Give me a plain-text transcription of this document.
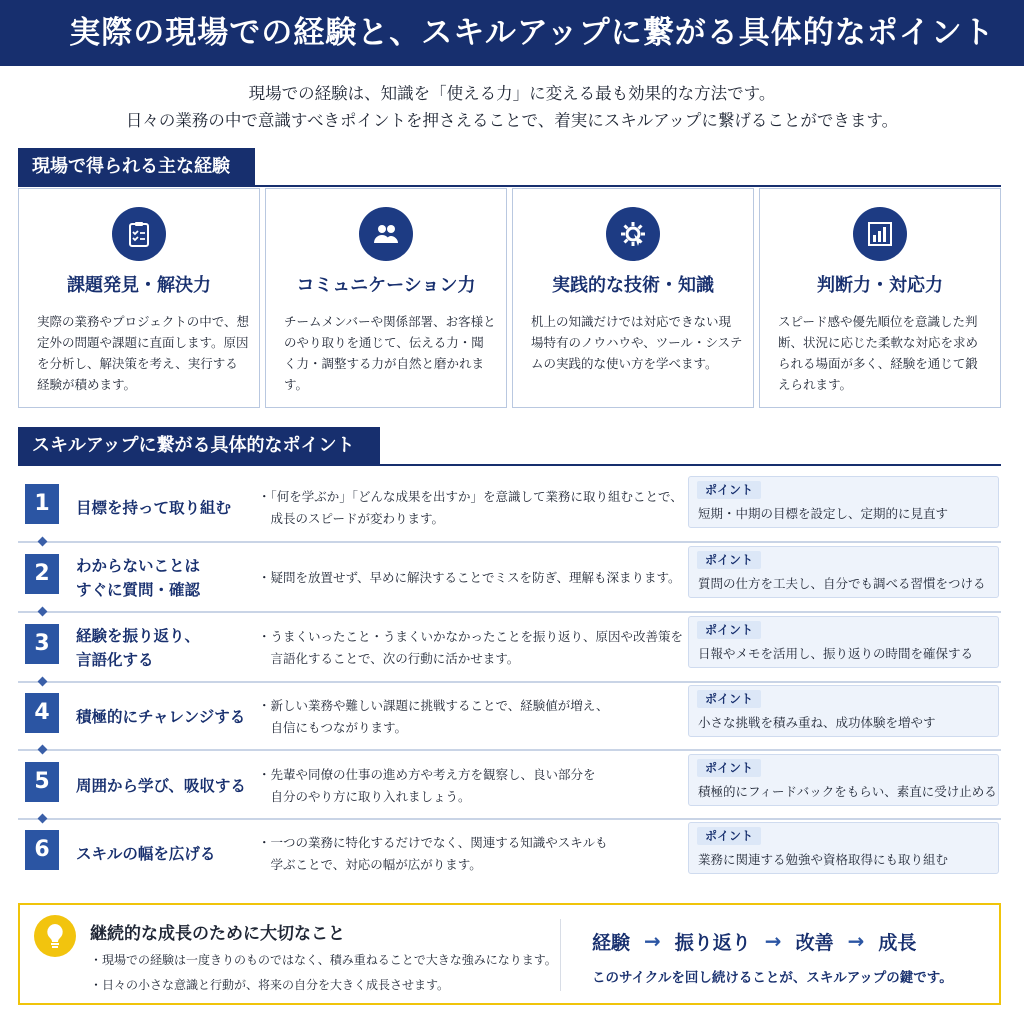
実際の現場での経験と、スキルアップに繋がる具体的なポイント
現場での経験は、知識を「使える力」に変える最も効果的な方法です。
日々の業務の中で意識すべきポイントを押さえることで、着実にスキルアップに繋げることができます。
現場で得られる主な経験
課題発見・解決力
実際の業務やプロジェクトの中で、想定外の問題や課題に直面します。原因を分析し、解決策を考え、実行する経験が積めます。
コミュニケーション力
チームメンバーや関係部署、お客様とのやり取りを通じて、伝える力・聞く力・調整する力が自然と磨かれます。
実践的な技術・知識
机上の知識だけでは対応できない現場特有のノウハウや、ツール・システムの実践的な使い方を学べます。
判断力・対応力
スピード感や優先順位を意識した判断、状況に応じた柔軟な対応を求められる場面が多く、経験を通じて鍛えられます。
スキルアップに繋がる具体的なポイント
1	目標を持って取り組む
・「何を学ぶか」「どんな成果を出すか」を意識して業務に取り組むことで、
　成長のスピードが変わります。
ポイント
短期・中期の目標を設定し、定期的に見直す
2	わからないことは
すぐに質問・確認
・疑問を放置せず、早めに解決することでミスを防ぎ、理解も深まります。
ポイント
質問の仕方を工夫し、自分でも調べる習慣をつける
3	経験を振り返り、
言語化する
・うまくいったこと・うまくいかなかったことを振り返り、原因や改善策を
　言語化することで、次の行動に活かせます。
ポイント
日報やメモを活用し、振り返りの時間を確保する
4	積極的にチャレンジする
・新しい業務や難しい課題に挑戦することで、経験値が増え、
　自信にもつながります。
ポイント
小さな挑戦を積み重ね、成功体験を増やす
5	周囲から学び、吸収する
・先輩や同僚の仕事の進め方や考え方を観察し、良い部分を
　自分のやり方に取り入れましょう。
ポイント
積極的にフィードバックをもらい、素直に受け止める
6	スキルの幅を広げる
・一つの業務に特化するだけでなく、関連する知識やスキルも
　学ぶことで、対応の幅が広がります。
ポイント
業務に関連する勉強や資格取得にも取り組む
継続的な成長のために大切なこと
・現場での経験は一度きりのものではなく、積み重ねることで大きな強みになります。
・日々の小さな意識と行動が、将来の自分を大きく成長させます。
経験 → 振り返り → 改善 → 成長
このサイクルを回し続けることが、スキルアップの鍵です。
